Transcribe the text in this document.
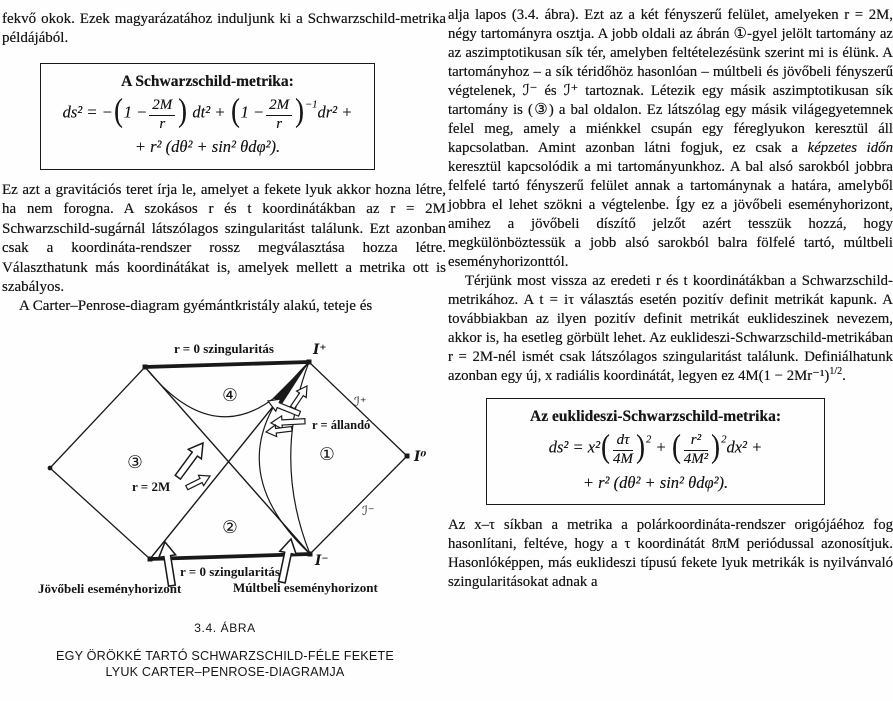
fekvő okok. Ezek magyarázatához induljunk ki a Schwarzschild-metrika példájából.

A Schwarzschild-metrika:

$ds^2 = -(1 - \frac{2M}{r}$ ) $dt^2 + (1 - \frac{2M}{r} )^{-1}dr^2$ +
+ r² (dθ² + sin² θdφ²).

Ez azt a gravitációs teret írja le, amelyet a fekete lyuk akkor hozna létre, ha nem forogna. A szokásos r és t koordinátákban az r = 2M Schwarzschild-sugárnál látszólagos szingularitást találunk. Ezt azonban csak a koordináta-rendszer rossz megválasztása hozza létre. Választhatunk más koordinátákat is, amelyek mellett a metrika ott is szabályos.

A Carter–Penrose-diagram gyémántkristály alakú, teteje és

r = 0 szingularitás	I⁺
ℐ⁺
I⁰
ℐ⁻
I⁻
④
③
②
①
r = 2M
r = állandó
r = 0 szingularitás
Jövőbeli eseményhorizont	Múltbeli eseményhorizont
3.4. ÁBRA
EGY ÖRÖKKÉ TARTÓ SCHWARZSCHILD-FÉLE FEKETE
LYUK CARTER–PENROSE-DIAGRAMJA

alja lapos (3.4. ábra). Ezt az a két fényszerű felület, amelyeken r = 2M, négy tartományra osztja. A jobb oldali az ábrán ①-gyel jelölt tartomány az az aszimptotikusan sík tér, amelyben feltételezésünk szerint mi is élünk. A tartományhoz – a sík téridőhöz hasonlóan – múltbeli és jövőbeli fényszerű végtelenek, ℐ⁻ és ℐ⁺ tartoznak. Létezik egy másik aszimptotikusan sík tartomány is (③) a bal oldalon. Ez látszólag egy másik világegyetemnek felel meg, amely a miénkkel csupán egy féreglyukon keresztül áll kapcsolatban. Amint azonban látni fogjuk, ez csak a képzetes időn keresztül kapcsolódik a mi tartományunkhoz. A bal alsó sarokból jobbra felfelé tartó fényszerű felület annak a tartománynak a határa, amelyből jobbra el lehet szökni a végtelenbe. Így ez a jövőbeli eseményhorizont, amihez a jövőbeli díszítő jelzőt azért tesszük hozzá, hogy megkülönböztessük a jobb alsó sarokból balra fölfelé tartó, múltbeli eseményhorizonttól.

Térjünk most vissza az eredeti r és t koordinátákban a Schwarzschild-metrikához. A t = iτ választás esetén pozitív definit metrikát kapunk. A továbbiakban az ilyen pozitív definit metrikát euklideszinek nevezem, akkor is, ha esetleg görbült lehet. Az euklideszi-Schwarzschild-metrikában r = 2M-nél ismét csak látszólagos szingularitást találunk. Definiálhatunk azonban egy új, x radiális koordinátát, legyen ez $4M(1 - 2Mr^{-1})^{1/2}$.

Az euklideszi-Schwarzschild-metrika:

$ds^2 = x^2( \frac{d\tau}{4M} )^2$ + ( $\frac{\text{r²}}{\text{4M²}} )^2dx^2$ +
+ r² (dθ² + sin² θdφ²).

Az x–τ síkban a metrika a polárkoordináta-rendszer origójáéhoz fog hasonlítani, feltéve, hogy a τ koordinátát 8πM periódussal azonosítjuk. Hasonlóképpen, más euklideszi típusú fekete lyuk metrikák is nyilvánvaló szingularitásokat adnak a
